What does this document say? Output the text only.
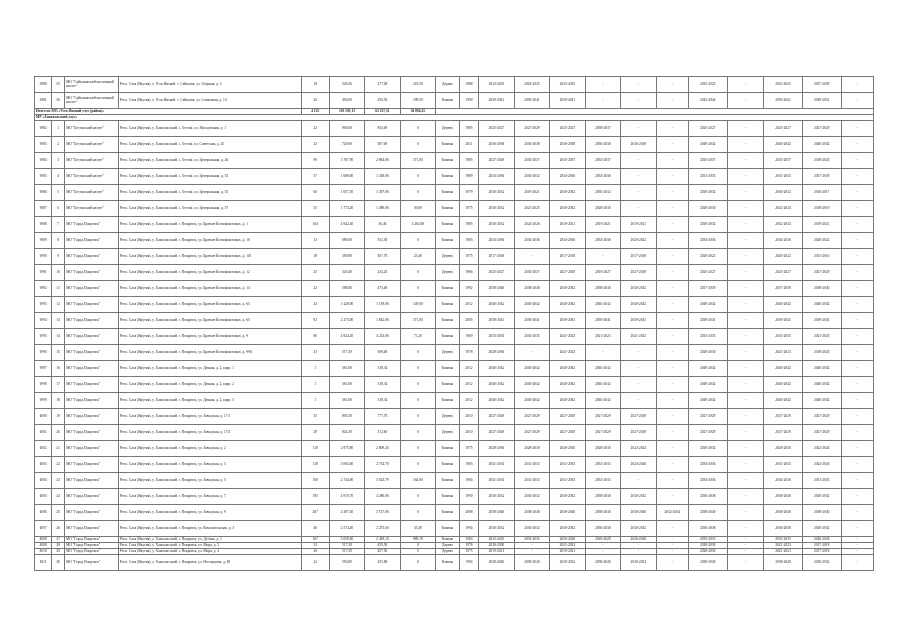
3980	55	МО "Сайылыкский наслежный наслег"	Респ. Саха (Якутия), у. Усть-Янский, с. Сайылык, ул. Озерная, д. 3	18	526,56	277,08	218,50	Дерево	1988	2023-2025	2023-2025	2023-2025	-	-	-	2025-2025	-	2023-2025	2037-2039	-
3981	56	МО "Сайылыкский наслежный наслег"	Респ. Саха (Якутия), у. Усть-Янский, с. Сайылык, ул. Совхозная, д. 14	20	450,00	250,30	199,50	Камень	1990	2039-2041	2039-2041	2039-2041	-	-	-	2042-2044	-	2039-2041	2049-2051	-
Итого по МО «Усть-Янский улус (район)»				4 135	119 195,13	63 517,51	36 094,25													
МР «Хангаласский улус»																				
3982	1	МО "Бестяхский наслег"	Респ. Саха (Якутия), у. Хангаласский, с. Бестях, ул. Молодежная, д. 1	22	900,00	854,00	0	Дерево	1985	2025-2027	2027-2029	2025-2027	2038-2037	-	-	2025-2027	-	2025-2027	2027-2029	-
3983	2	МО "Бестяхский наслег"	Респ. Саха (Якутия), у. Хангаласский, с. Бестях, ул. Советская, д. 25	23	729,00	587,00	0	Камень	2011	2036-2038	2036-2038	2036-2038	2036-2038	2036-2038	-	2040-2042	-	2040-2042	2040-2042	-
3984	3	МО "Бестяхский наслег"	Респ. Саха (Якутия), у. Хангаласский, с. Бестях, ул. Центральная, д. 26	99	3 767,90	2 864,00	371,00	Камень	1985	2027-2029	2035-2037	2035-2037	2035-2037	-	-	2035-2037	-	2035-2037	2018-2020	-
3985	4	МО "Бестяхский наслег"	Респ. Саха (Якутия), у. Хангаласский, с. Бестях, ул. Центральная, д. 53	57	1 688,60	1 418,00	0	Камень	1989	2034-2036	2030-2032	2034-2036	2034-2036	-	-	2031-2033	-	2031-2033	2037-2039	-
3986	5	МО "Бестяхский наслег"	Респ. Саха (Якутия), у. Хангаласский, с. Бестях, ул. Центральная, д. 55	60	1 657,50	1 497,00	0	Камень	1979	2030-2032	2019-2021	2030-2032	2030-2032	-	-	2030-2032	-	2030-2032	2016-2017	-
3987	6	МО "Бестяхский наслег"	Респ. Саха (Якутия), у. Хангаласский, с. Бестях, ул. Центральная, д. 57	55	1 774,20	1 489,00	39,00	Камень	1975	2030-2032	2023-2025	2030-2032	2028-2030	-	-	2028-2030	-	2022-2024	2018-2019	-
3988	7	МО "Город Покровск"	Респ. Саха (Якутия), у. Хангаласский, г. Покровск, ул. Братьев Ксенофонтовых, д. 1	164	4 942,40	36,40	4 282,60	Камень	1985	2030-2032	2024-2026	2019-2021	2019-2021	2019-2021	-	2030-2032	-	2032-2034	2019-2021	-
3989	8	МО "Город Покровск"	Респ. Саха (Якутия), у. Хангаласский, г. Покровск, ул. Братьев Ксенофонтовых, д. 10	13	689,00	552,30	0	Камень	1983	2034-2036	2034-2036	2034-2036	2034-2036	2020-2022	-	2034-2036	-	2034-2036	2020-2022	-
3990	9	МО "Город Покровск"	Респ. Саха (Якутия), у. Хангаласский, г. Покровск, ул. Братьев Ксенофонтовых, д. 101	18	359,80	307,70	23,40	Дерево	1975	2017-2018	-	2017-2018	-	2017-2018	-	2020-2022	-	2020-2022	2013-2016	-
3991	10	МО "Город Покровск"	Респ. Саха (Якутия), у. Хангаласский, г. Покровск, ул. Братьев Ксенофонтовых, д. 12	25	320,40	254,20	0	Дерево	1966	2025-2027	2035-2037	2027-2029	2018-2027	2027-2029	-	2025-2027	-	2025-2027	2027-2029	-
3992	11	МО "Город Покровск"	Респ. Саха (Якутия), у. Хангаласский, г. Покровск, ул. Братьев Ксенофонтовых, д. 14	22	588,80	473,40	0	Камень	1992	2038-2040	2038-2040	2030-2032	2038-2040	2030-2032	-	2037-2039	-	2037-2039	2038-2040	-
3993	12	МО "Город Покровск"	Респ. Саха (Якутия), у. Хангаласский, г. Покровск, ул. Братьев Ксенофонтовых, д. 63	24	1 428,00	1 159,00	149,00	Камень	2012	2040-2042	2040-2042	2040-2042	2040-2042	2040-2042	-	2040-2042	-	2040-2042	2040-2042	-
3994	13	МО "Город Покровск"	Респ. Саха (Якутия), у. Хангаласский, г. Покровск, ул. Братьев Ксенофонтовых, д. 65	92	2 273,00	1 842,00	371,00	Камень	2005	2039-2041	2039-2041	2039-2041	2039-2041	2039-2041	-	2039-2041	-	2039-2041	2039-2041	-
3995	14	МО "Город Покровск"	Респ. Саха (Якутия), у. Хангаласский, г. Покровск, ул. Братьев Ксенофонтовых, д. 9	80	4 924,20	4 233,80	71,20	Камень	1969	2033-2035	2033-2035	2021-2023	2021-2023	2021-2023	-	2033-2035	-	2033-2035	2021-2023	-
3996	15	МО "Город Покровск"	Респ. Саха (Якутия), у. Хангаласский, г. Покровск, ул. Братьев Ксенофонтовых, д. 99А	41	517,30	308,40	0	Дерево	1978	2028-2030	-	2021-2023	-	-	-	2028-2030	-	2021-2023	2018-2020	-
3997	16	МО "Город Покровск"	Респ. Саха (Якутия), у. Хангаласский, г. Покровск, ул. Дачная, д. 2, корп. 1	1	361,00	318,34	0	Камень	2012	2040-2042	2040-2042	2040-2042	2040-2042	-	-	2040-2042	-	2040-2042	2040-2042	-
3998	17	МО "Город Покровск"	Респ. Саха (Якутия), у. Хангаласский, г. Покровск, ул. Дачная, д. 2, корп. 2	1	361,00	318,34	0	Камень	2012	2040-2042	2040-2042	2040-2042	2040-2042	-	-	2040-2042	-	2040-2042	2040-2042	-
3999	18	МО "Город Покровск"	Респ. Саха (Якутия), у. Хангаласский, г. Покровск, ул. Дачная, д. 2, корп. 3	1	361,00	318,34	0	Камень	2012	2040-2042	2040-2042	2040-2042	2040-2042	-	-	2040-2042	-	2040-2042	2040-2042	-
4000	19	МО "Город Покровск"	Респ. Саха (Якутия), у. Хангаласский, г. Покровск, ул. Заводская, д. 17/1	35	895,50	777,70	0	Дерево	2010	2027-2029	2027-2029	2027-2029	2027-2029	2027-2029	-	2027-2029	-	2027-2029	2027-2029	-
4001	20	МО "Город Покровск"	Респ. Саха (Якутия), у. Хангаласский, г. Покровск, ул. Заводская, д. 17/2	29	824,30	372,60	0	Дерево	2010	2027-2029	2027-2029	2027-2029	2027-2029	2027-2029	-	2027-2029	-	2027-2029	2027-2029	-
4002	21	МО "Город Покровск"	Респ. Саха (Якутия), у. Хангаласский, г. Покровск, ул. Заводская, д. 2	110	2 975,80	2 809,20	0	Камень	1975	2028-2030	2028-2030	2028-2030	2028-2030	2022-2024	-	2030-2032	-	2028-2030	2022-2024	-
4003	22	МО "Город Покровск"	Респ. Саха (Якутия), у. Хангаласский, г. Покровск, ул. Заводская, д. 3	118	3 092,60	2 734,70	0	Камень	1983	2031-2033	2031-2033	2031-2033	2031-2033	2024-2026	-	2034-2036	-	2031-2033	2024-2026	-
4004	23	МО "Город Покровск"	Респ. Саха (Якутия), у. Хангаласский, г. Покровск, ул. Заводская, д. 5	100	2 744,00	3 023,79	164,00	Камень	1984	2031-2033	2031-2033	2031-2033	2031-2033	-	-	2034-2036	-	2034-2036	2031-2033	-
4005	24	МО "Город Покровск"	Респ. Саха (Якутия), у. Хангаласский, г. Покровск, ул. Заводская, д. 7	195	4 910,70	4 280,00	0	Камень	1990	2030-2032	2030-2032	2030-2032	2038-2038	2030-2032	-	2036-2038	-	2038-2040	2030-2032	-
4006	25	МО "Город Покровск"	Респ. Саха (Якутия), у. Хангаласский, г. Покровск, ул. Заводская, д. 9	207	4 307,30	3 517,00	0	Камень	2008	2038-2040	2038-2040	2038-2040	2038-2040	2038-2040	2032-2034	2038-2040	-	2038-2040	2038-2040	-
4007	26	МО "Город Покровск"	Респ. Саха (Якутия), у. Хангаласский, г. Покровск, ул. Комсомольская, д. 3	40	2 574,40	2 275,60	35,30	Камень	1994	2030-2032	2030-2032	2030-2032	2036-2038	2030-2032	-	2036-2038	-	2036-2038	2030-2032	-
4008	27	МО "Город Покровск"	Респ. Саха (Якутия), у. Хангаласский, г. Покровск, ул. Дугина, д. 1	167	3 058,60	2 449,10	889,10	Камень	1963	2023-2025	2033-2035	2026-2028	2026-2028	2026-2028	-	2035-2035	-	2033-2035	2026-2028	-
4008	28	МО "Город Покровск"	Респ. Саха (Якутия), у. Хангаласский, г. Покровск, ул. Мира, д. 2	33	517,20	455,50	0	Дерево	1976	2028-2030	-	2021-2023	-	-	-	2028-2030	-	2021-2023	2017-2018	-
4010	29	МО "Город Покровск"	Респ. Саха (Якутия), у. Хангаласский, г. Покровск, ул. Мира, д. 4	26	517,50	457,30	0	Дерево	1975	2019-2021	-	2019-2021	-	-	-	2028-2030	-	2021-2023	2017-2018	-
4011	30	МО "Город Покровск"	Респ. Саха (Якутия), у. Хангаласский, г. Покровск, ул. Нестерцова, д. 49	22	550,80	455,80	0	Камень	1994	2038-2040	2038-2040	2030-2032	2038-2040	2030-2032	-	2038-2040	-	2038-2040	2030-2032	-
